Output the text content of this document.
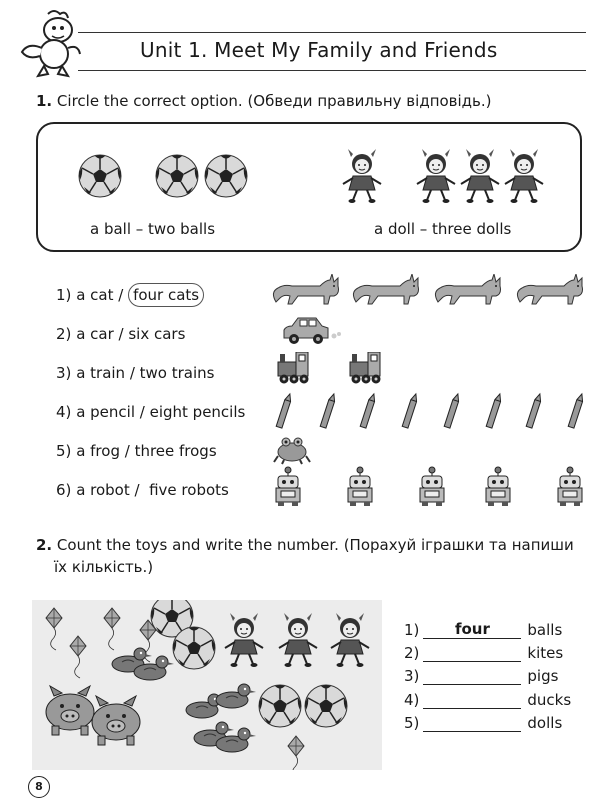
Unit 1. Meet My Family and Friends
1. Circle the correct option. (Обведи правильну відповідь.)
a ball – two balls	a doll – three dolls
1) a cat / four cats
2) a car / six cars
3) a train / two trains
4) a pencil / eight pencils
5) a frog / three frogs
6) a robot /  five robots
2. Count the toys and write the number. (Порахуй іграшки та напиши
їх кількість.)
1) four	balls
2)	kites
3)	pigs
4)	ducks
5)	dolls
8
